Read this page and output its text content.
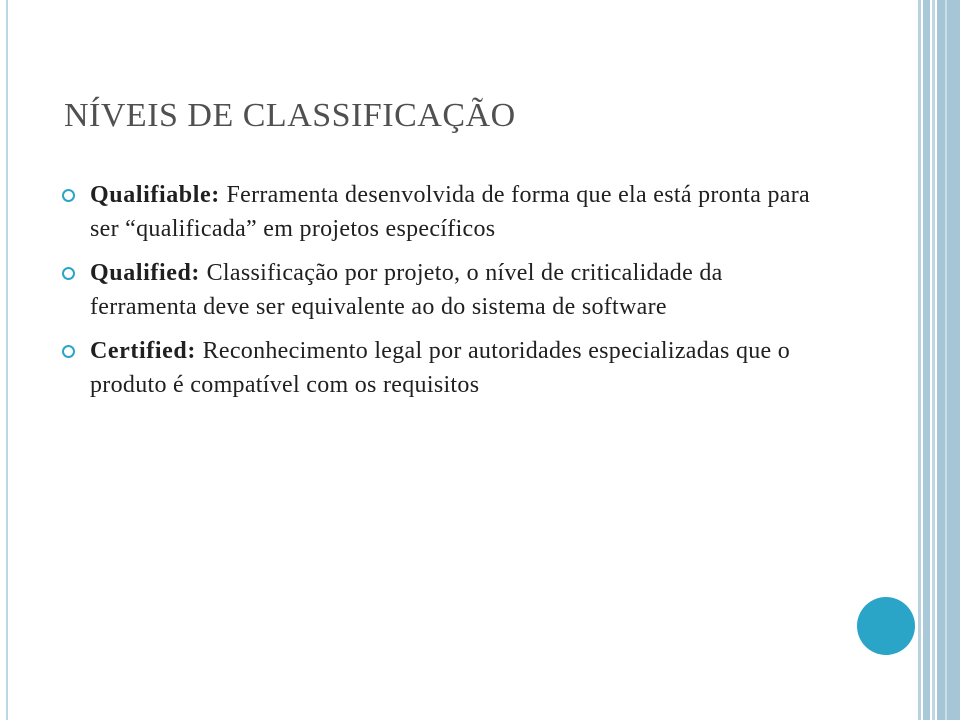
NÍVEIS DE CLASSIFICAÇÃO
Qualifiable: Ferramenta desenvolvida de forma que ela está pronta para ser “qualificada” em projetos específicos
Qualified: Classificação por projeto, o nível de criticalidade da ferramenta deve ser equivalente ao do sistema de software
Certified: Reconhecimento legal por autoridades especializadas que o produto é compatível com os requisitos
